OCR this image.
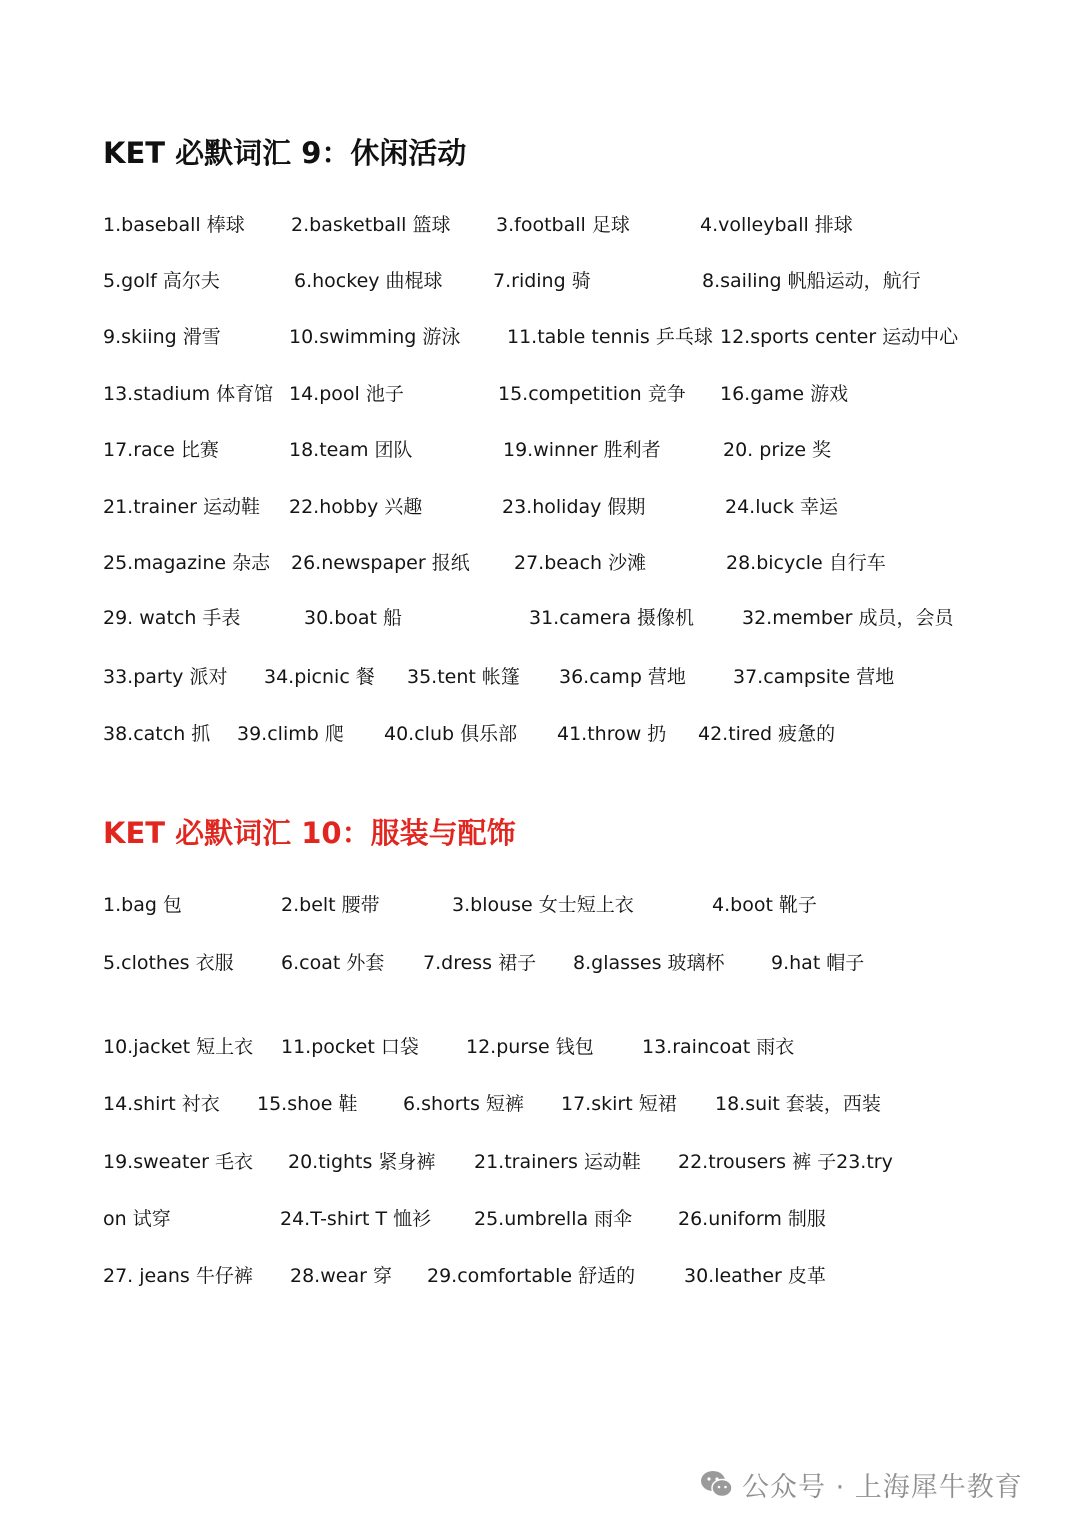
KET 必默词汇 9：休闲活动
1.baseball 棒球 2.basketball 篮球 3.football 足球	4.volleyball 排球
5.golf 高尔夫	6.hockey 曲棍球	7.riding 骑	8.sailing 帆船运动，航行
9.skiing 滑雪	10.swimming 游泳 11.table tennis 乒乓球 12.sports center 运动中心
13.stadium 体育馆 14.pool 池子	15.competition 竞争 16.game 游戏
17.race 比赛	18.team 团队	19.winner 胜利者	20. prize 奖
21.trainer 运动鞋 22.hobby 兴趣	23.holiday 假期	24.luck 幸运
25.magazine 杂志 26.newspaper 报纸 27.beach 沙滩	28.bicycle 自行车
29. watch 手表	30.boat 船	31.camera 摄像机	32.member 成员，会员
33.party 派对 34.picnic 餐 35.tent 帐篷 36.camp 营地 37.campsite 营地
38.catch 抓 39.climb 爬 40.club 俱乐部 41.throw 扔 42.tired 疲惫的
KET 必默词汇 10：服装与配饰
1.bag 包	2.belt 腰带	3.blouse 女士短上衣	4.boot 靴子
5.clothes 衣服 6.coat 外套 7.dress 裙子 8.glasses 玻璃杯 9.hat 帽子
10.jacket 短上衣 11.pocket 口袋 12.purse 钱包	13.raincoat 雨衣
14.shirt 衬衣 15.shoe 鞋 6.shorts 短裤 17.skirt 短裙 18.suit 套装，西装
19.sweater 毛衣 20.tights 紧身裤 21.trainers 运动鞋 22.trousers 裤 子23.try
on 试穿	24.T-shirt T 恤衫 25.umbrella 雨伞 26.uniform 制服
27. jeans 牛仔裤 28.wear 穿 29.comfortable 舒适的	30.leather 皮革
公众号 · 上海犀牛教育
